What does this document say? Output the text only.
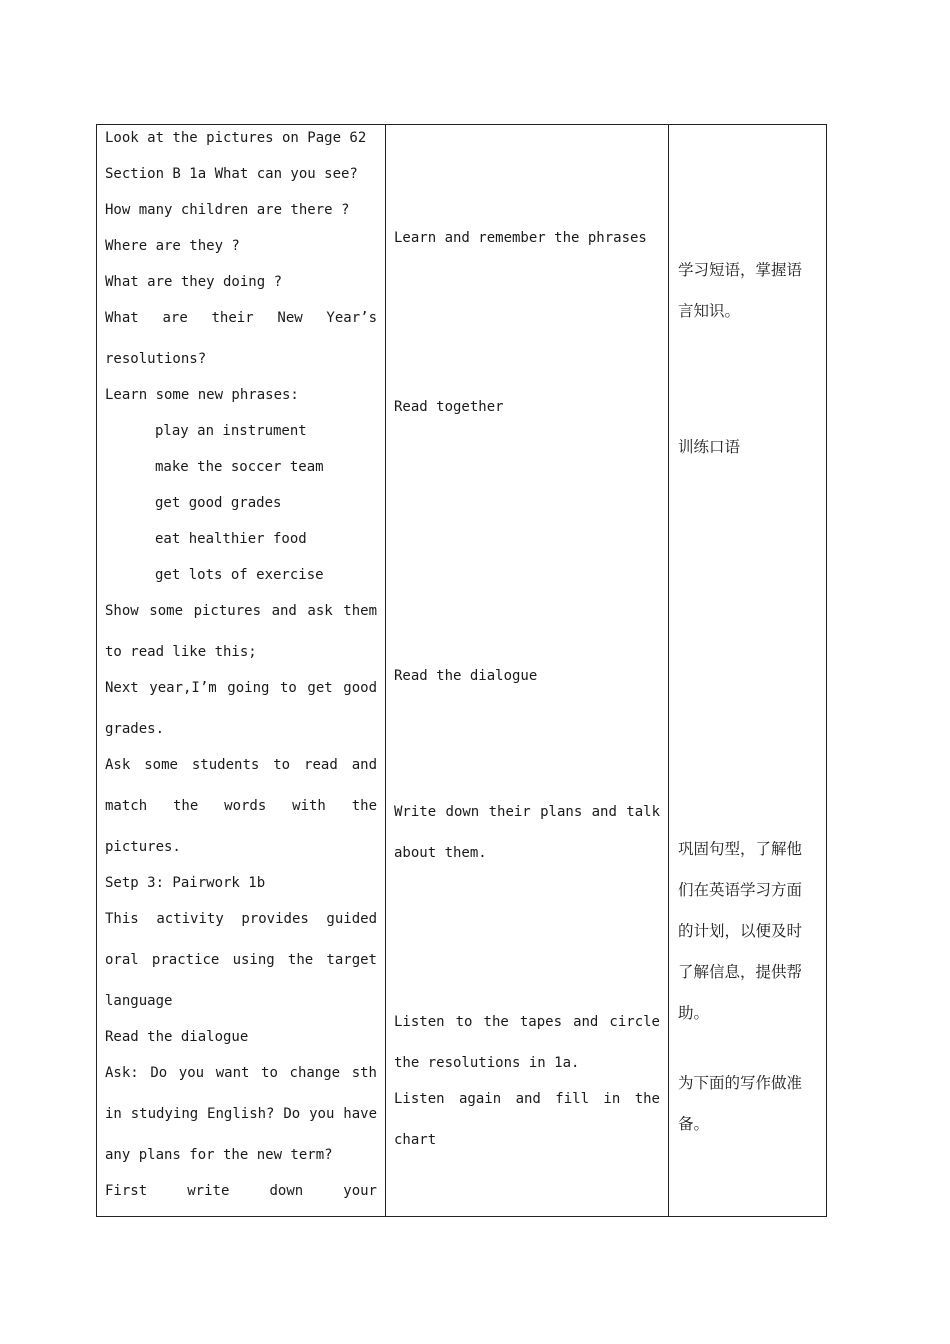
Look at the pictures on Page 62
Section B 1a What can you see?
How many children are there ?
Where are they ?
What are they doing ?
What are their New Year’s
resolutions?
Learn some new phrases:
play an instrument
make the soccer team
get good grades
eat healthier food
get lots of exercise
Show some pictures and ask them
to read like this;
Next year,I’m going to get good
grades.
Ask some students to read and
match the words with the
pictures.
Setp 3: Pairwork 1b
This activity provides guided
oral practice using the target
language
Read the dialogue
Ask: Do you want to change sth
in studying English? Do you have
any plans for the new term?
First write down your
Learn and remember the phrases
Read together
Read the dialogue
Write down their plans and talk
about them.
Listen to the tapes and circle
the resolutions in 1a.
Listen again and fill in the
chart
学习短语，掌握语
言知识。
训练口语
巩固句型，了解他
们在英语学习方面
的计划，以便及时
了解信息，提供帮
助。
为下面的写作做准
备。
